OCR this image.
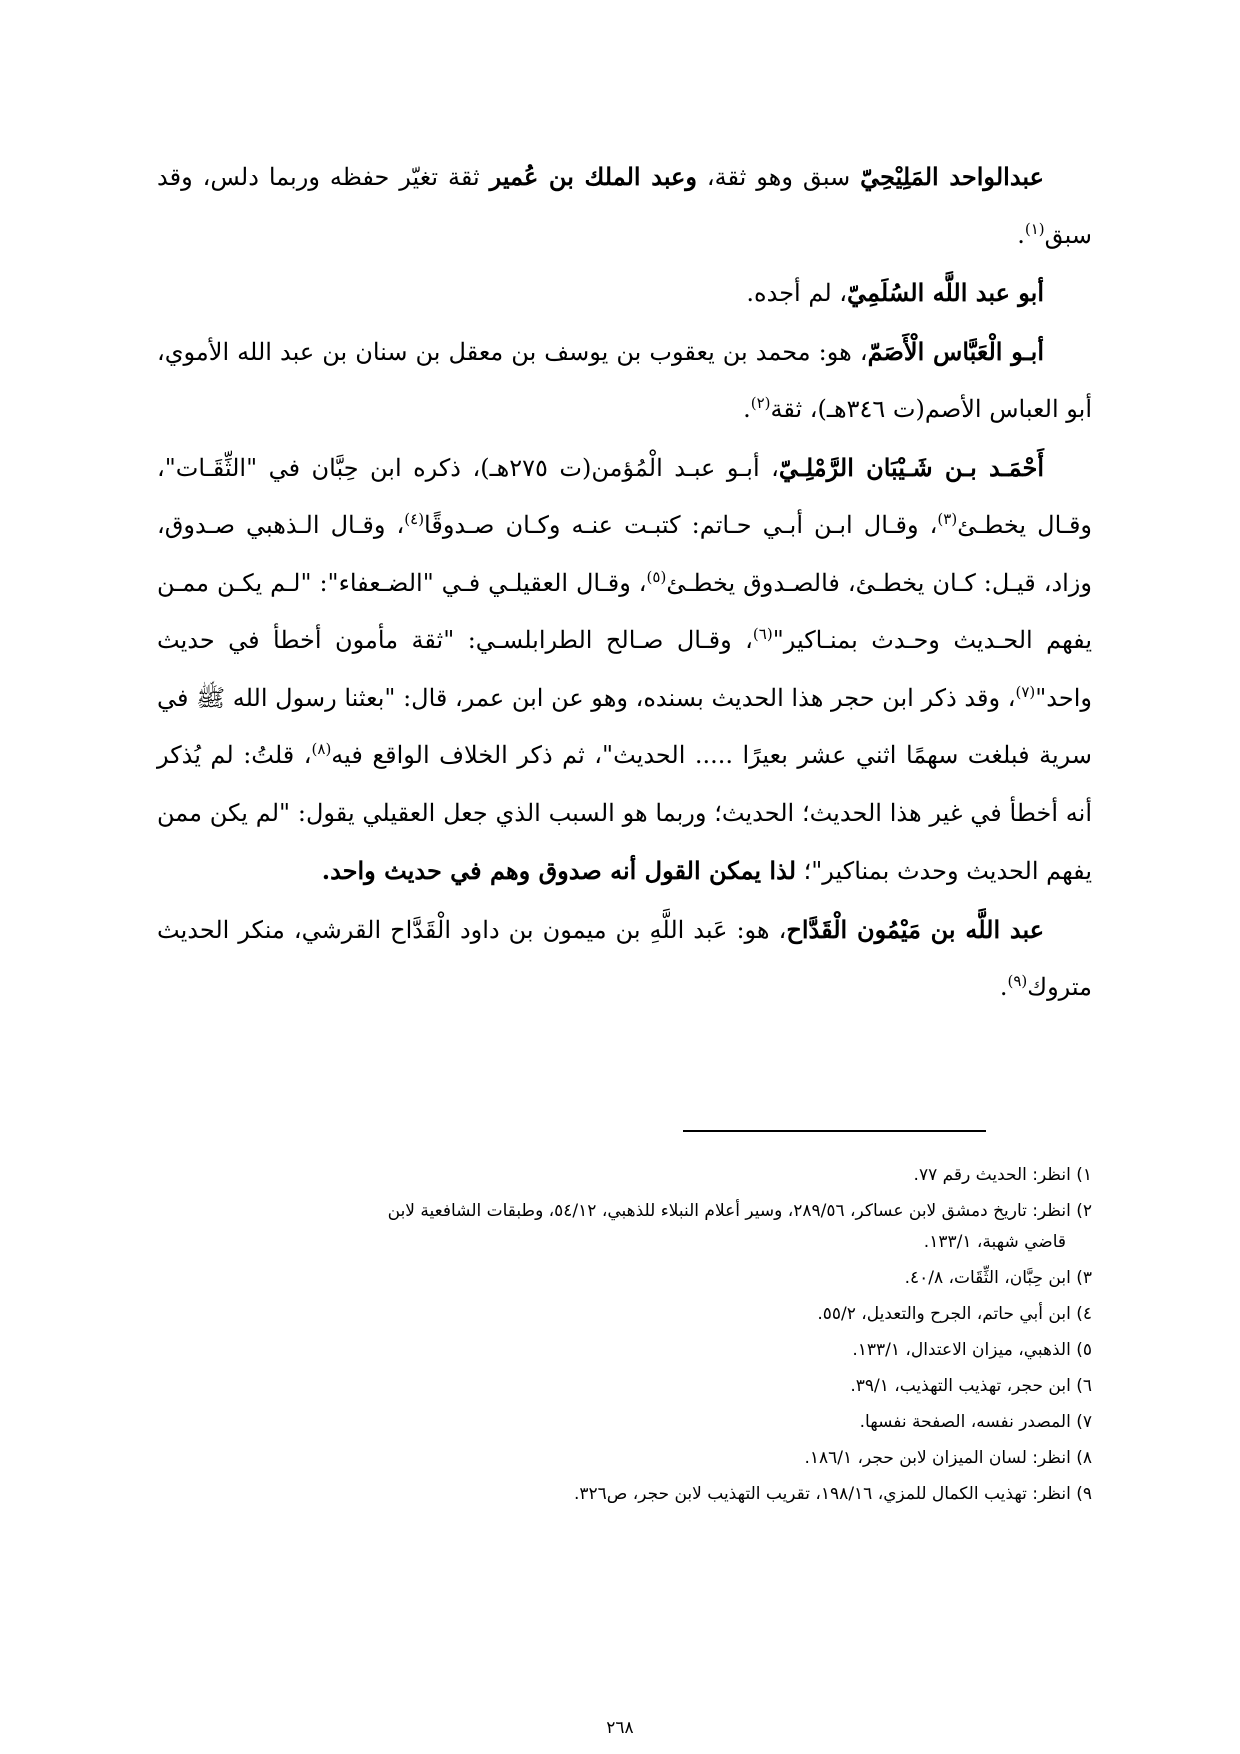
عبدالواحد المَلِيْحِيّ سبق وهو ثقة، وعبد الملك بن عُمير ثقة تغيّر حفظه وربما دلس، وقد سبق$^{(١)}$.

أبو عبد اللَّه السُلَمِيّ، لم أجده.

أبـو الْعَبَّاس الْأَصَمّ، هو: محمد بن يعقوب بن يوسف بن معقل بن سنان بن عبد الله الأموي، أبو العباس الأصم(ت ٣٤٦هـ)، ثقة$^{(٢)}$.

أَحْمَـد بـن شَـيْبَان الرَّمْلِـيّ، أبـو عبـد الْمُؤمن(ت ٢٧٥هـ)، ذكره ابن حِبَّان في "الثِّقَـات"، وقـال يخطـئ$^{(٣)}$، وقـال ابـن أبـي حـاتم: كتبـت عنـه وكـان صـدوقًا$^{(٤)}$، وقـال الـذهبي صـدوق، وزاد، قيـل: كـان يخطـئ، فالصـدوق يخطـئ$^{(٥)}$، وقـال العقيلـي فـي "الضـعفاء": "لـم يكـن ممـن يفهم الحـديث وحـدث بمنـاكير"$^{(٦)}$، وقـال صـالح الطرابلسـي: "ثقة مأمون أخطأ في حديث واحد"$^{(٧)}$، وقد ذكر ابن حجر هذا الحديث بسنده، وهو عن ابن عمر، قال: "بعثنا رسول الله ﷺ في سرية فبلغت سهمًا اثني عشر بعيرًا ..... الحديث"، ثم ذكر الخلاف الواقع فيه$^{(٨)}$، قلتُ: لم يُذكر أنه أخطأ في غير هذا الحديث؛ الحديث؛ وربما هو السبب الذي جعل العقيلي يقول: "لم يكن ممن يفهم الحديث وحدث بمناكير"؛ لذا يمكن القول أنه صدوق وهم في حديث واحد.

عبد اللَّه بن مَيْمُون الْقَدَّاح، هو: عَبد اللَّهِ بن ميمون بن داود الْقَدَّاح القرشي، منكر الحديث متروك$^{(٩)}$.

١) انظر: الحديث رقم ٧٧.
٢) انظر: تاريخ دمشق لابن عساكر، ٢٨٩/٥٦، وسير أعلام النبلاء للذهبي، ٥٤/١٢، وطبقات الشافعية لابن
قاضي شهبة، ١٣٣/١.
٣) ابن حِبَّان، الثِّقَات، ٤٠/٨.
٤) ابن أبي حاتم، الجرح والتعديل، ٥٥/٢.
٥) الذهبي، ميزان الاعتدال، ١٣٣/١.
٦) ابن حجر، تهذيب التهذيب، ٣٩/١.
٧) المصدر نفسه، الصفحة نفسها.
٨) انظر: لسان الميزان لابن حجر، ١٨٦/١.
٩) انظر: تهذيب الكمال للمزي، ١٩٨/١٦، تقريب التهذيب لابن حجر، ص٣٢٦.
٢٦٨
